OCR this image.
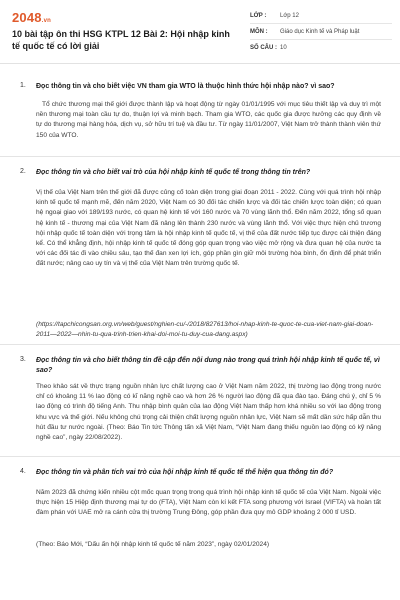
2048.vn
10 bài tập ôn thi HSG KTPL 12 Bài 2: Hội nhập kinh tế quốc tế có lời giải
LỚP :	Lớp 12
MÔN :	Giáo dục Kinh tế và Pháp luật
SỐ CÂU : 10
1. Đọc thông tin và cho biết việc VN tham gia WTO là thuộc hình thức hội nhập nào? vì sao?
Tổ chức thương mại thế giới được thành lập và hoạt động từ ngày 01/01/1995 với mục tiêu thiết lập và duy trì một nền thương mại toàn cầu tự do, thuận lợi và minh bạch. Tham gia WTO, các quốc gia được hưởng các quy định về tự do thương mại hàng hóa, dịch vụ, sở hữu trí tuệ và đầu tư. Từ ngày 11/01/2007, Việt Nam trở thành thành viên thứ 150 của WTO.
2. Đọc thông tin và cho biết vai trò của hội nhập kinh tế quốc tế trong thông tin trên?
Vị thế của Việt Nam trên thế giới đã được củng cố toàn diện trong giai đoạn 2011 - 2022. Cùng với quá trình hội nhập kinh tế quốc tế mạnh mẽ, đến năm 2020, Việt Nam có 30 đối tác chiến lược và đối tác chiến lược toàn diện; có quan hệ ngoại giao với 189/193 nước, có quan hệ kinh tế với 160 nước và 70 vùng lãnh thổ. Đến năm 2022, tổng số quan hệ kinh tế - thương mại của Việt Nam đã nâng lên thành 230 nước và vùng lãnh thổ. Với việc thực hiện chủ trương hội nhập quốc tế toàn diện với trọng tâm là hội nhập kinh tế quốc tế, vị thế của đất nước tiếp tục được cải thiện đáng kể. Có thể khẳng định, hội nhập kinh tế quốc tế đóng góp quan trọng vào việc mở rộng và đưa quan hệ của nước ta với các đối tác đi vào chiều sâu, tạo thế đan xen lợi ích, góp phần gìn giữ môi trường hòa bình, ổn định để phát triển đất nước; nâng cao uy tín và vị thế của Việt Nam trên trường quốc tế.
(https://tapchicongsan.org.vn/web/guest/nghien-cu/-/2018/827613/hoi-nhap-kinh-te-quoc-te-cua-viet-nam-giai-doan-2011—2022—nhin-tu-qua-trinh-trien-khai-doi-moi-tu-duy-cua-dang.aspx)
3. Đọc thông tin và cho biết thông tin đề cập đến nội dung nào trong quá trình hội nhập kinh tế quốc tế, vì sao?
Theo khảo sát về thực trạng nguồn nhân lực chất lượng cao ở Việt Nam năm 2022, thị trường lao động trong nước chỉ có khoảng 11 % lao động có kĩ năng nghề cao và hơn 26 % người lao động đã qua đào tạo. Đáng chú ý, chỉ 5 % lao động có trình độ tiếng Anh. Thu nhập bình quân của lao động Việt Nam thấp hơn khá nhiều so với lao động trong khu vực và thế giới. Nếu không chú trọng cải thiện chất lượng nguồn nhân lực, Việt Nam sẽ mất dần sức hấp dẫn thu hút đầu tư nước ngoài. (Theo: Báo Tin tức Thông tấn xã Việt Nam, “Việt Nam đang thiếu nguồn lao động có kỹ năng nghề cao”, ngày 22/08/2022).
4. Đọc thông tin và phân tích vai trò của hội nhập kinh tế quốc tế thể hiện qua thông tin đó?
Năm 2023 đã chứng kiến nhiều cột mốc quan trọng trong quá trình hội nhập kinh tế quốc tế của Việt Nam. Ngoài việc thực hiện 15 Hiệp định thương mại tự do (FTA), Việt Nam còn kí kết FTA song phương với Israel (VIFTA) và hoàn tất đàm phán với UAE mở ra cánh cửa thị trường Trung Đông, góp phần đưa quy mô GDP khoảng 2 000 tỉ USD.
(Theo: Báo Mới, “Dấu ấn hội nhập kinh tế quốc tế năm 2023”, ngày 02/01/2024)
